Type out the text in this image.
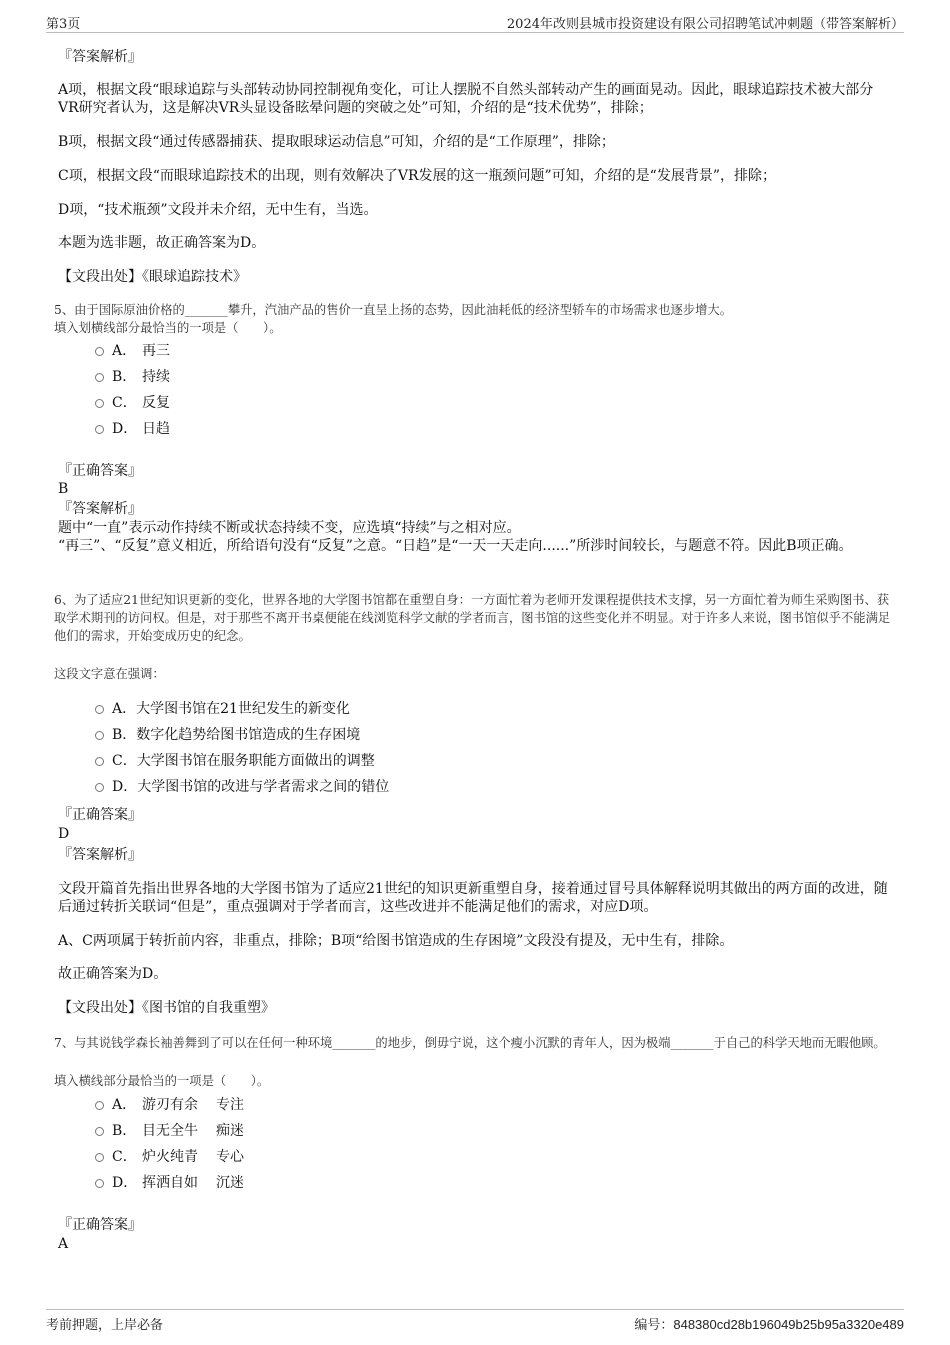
第3页	2024年改则县城市投资建设有限公司招聘笔试冲刺题（带答案解析）
『答案解析』
A项，根据文段“眼球追踪与头部转动协同控制视角变化，可让人摆脱不自然头部转动产生的画面晃动。因此，眼球追踪技术被大部分VR研究者认为，这是解决VR头显设备眩晕问题的突破之处”可知，介绍的是“技术优势”，排除；
B项，根据文段“通过传感器捕获、提取眼球运动信息”可知，介绍的是“工作原理”，排除；
C项，根据文段“而眼球追踪技术的出现，则有效解决了VR发展的这一瓶颈问题”可知，介绍的是“发展背景”，排除；
D项，“技术瓶颈”文段并未介绍，无中生有，当选。
本题为选非题，故正确答案为D。
【文段出处】《眼球追踪技术》
5、由于国际原油价格的_______攀升，汽油产品的售价一直呈上扬的态势，因此油耗低的经济型轿车的市场需求也逐步增大。
填入划横线部分最恰当的一项是（　　）。
A． 再三
B． 持续
C． 反复
D． 日趋
『正确答案』
B
『答案解析』
题中“一直”表示动作持续不断或状态持续不变，应选填“持续”与之相对应。
“再三”、“反复”意义相近，所给语句没有“反复”之意。“日趋”是“一天一天走向......”所涉时间较长，与题意不符。因此B项正确。
6、为了适应21世纪知识更新的变化，世界各地的大学图书馆都在重塑自身：一方面忙着为老师开发课程提供技术支撑，另一方面忙着为师生采购图书、获取学术期刊的访问权。但是，对于那些不离开书桌便能在线浏览科学文献的学者而言，图书馆的这些变化并不明显。对于许多人来说，图书馆似乎不能满足他们的需求，开始变成历史的纪念。
这段文字意在强调：
A．大学图书馆在21世纪发生的新变化
B．数字化趋势给图书馆造成的生存困境
C．大学图书馆在服务职能方面做出的调整
D．大学图书馆的改进与学者需求之间的错位
『正确答案』
D
『答案解析』
文段开篇首先指出世界各地的大学图书馆为了适应21世纪的知识更新重塑自身，接着通过冒号具体解释说明其做出的两方面的改进，随后通过转折关联词“但是”，重点强调对于学者而言，这些改进并不能满足他们的需求，对应D项。
A、C两项属于转折前内容，非重点，排除；B项“给图书馆造成的生存困境”文段没有提及，无中生有，排除。
故正确答案为D。
【文段出处】《图书馆的自我重塑》
7、与其说钱学森长袖善舞到了可以在任何一种环境_______的地步，倒毋宁说，这个瘦小沉默的青年人，因为极端_______于自己的科学天地而无暇他顾。
填入横线部分最恰当的一项是（　　）。
A． 游刃有余 专注
B． 目无全牛 痴迷
C． 炉火纯青 专心
D． 挥洒自如 沉迷
『正确答案』
A
考前押题，上岸必备	编号：848380cd28b196049b25b95a3320e489
